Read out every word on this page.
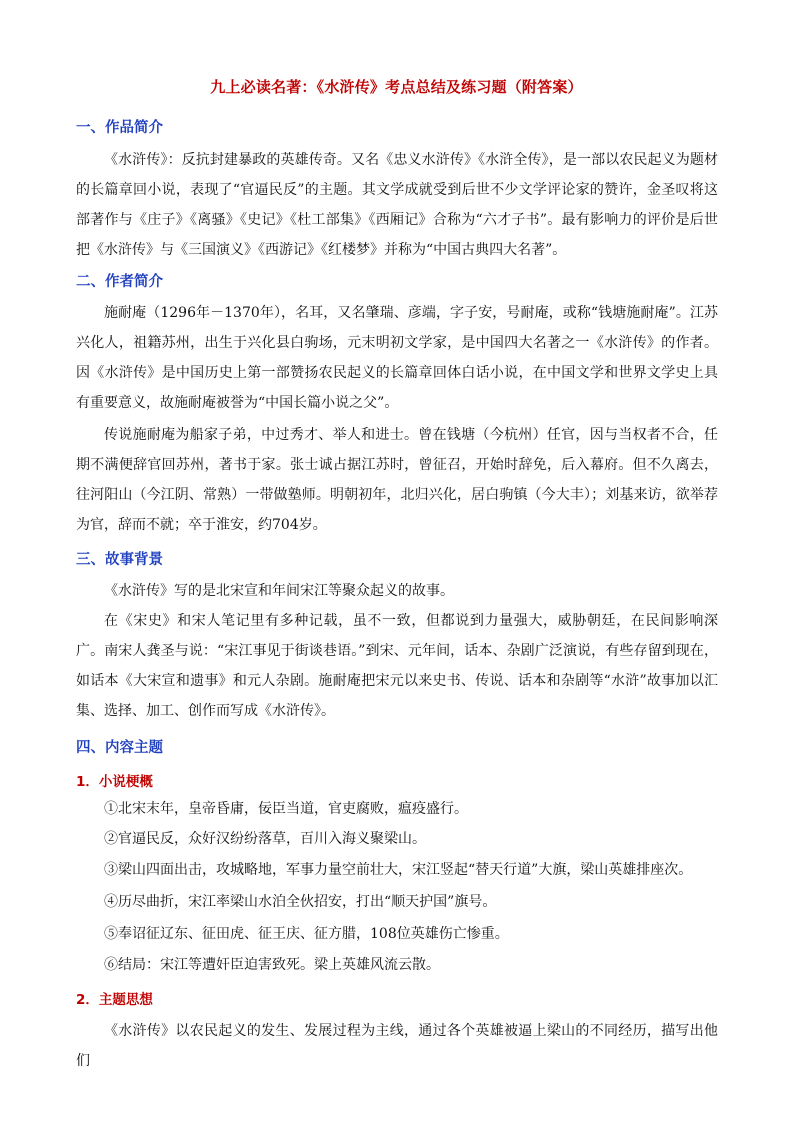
九上必读名著：《水浒传》考点总结及练习题（附答案）
一、作品简介
《水浒传》：反抗封建暴政的英雄传奇。又名《忠义水浒传》《水浒全传》，是一部以农民起义为题材的长篇章回小说，表现了“官逼民反”的主题。其文学成就受到后世不少文学评论家的赞许，金圣叹将这部著作与《庄子》《离骚》《史记》《杜工部集》《西厢记》合称为“六才子书”。最有影响力的评价是后世把《水浒传》与《三国演义》《西游记》《红楼梦》并称为“中国古典四大名著”。
二、作者简介
施耐庵（1296年－1370年），名耳，又名肇瑞、彦端，字子安，号耐庵，或称“钱塘施耐庵”。江苏兴化人，祖籍苏州，出生于兴化县白驹场，元末明初文学家，是中国四大名著之一《水浒传》的作者。因《水浒传》是中国历史上第一部赞扬农民起义的长篇章回体白话小说，在中国文学和世界文学史上具有重要意义，故施耐庵被誉为“中国长篇小说之父”。
传说施耐庵为船家子弟，中过秀才、举人和进士。曾在钱塘（今杭州）任官，因与当权者不合，任期不满便辞官回苏州，著书于家。张士诚占据江苏时，曾征召，开始时辞免，后入幕府。但不久离去，往河阳山（今江阴、常熟）一带做塾师。明朝初年，北归兴化，居白驹镇（今大丰）；刘基来访，欲举荐为官，辞而不就；卒于淮安，约704岁。
三、故事背景
《水浒传》写的是北宋宣和年间宋江等聚众起义的故事。
在《宋史》和宋人笔记里有多种记载，虽不一致，但都说到力量强大，威胁朝廷，在民间影响深广。南宋人龚圣与说：“宋江事见于街谈巷语。”到宋、元年间，话本、杂剧广泛演说，有些存留到现在，如话本《大宋宣和遗事》和元人杂剧。施耐庵把宋元以来史书、传说、话本和杂剧等“水浒”故事加以汇集、选择、加工、创作而写成《水浒传》。
四、内容主题
1．小说梗概
①北宋末年，皇帝昏庸，佞臣当道，官吏腐败，瘟疫盛行。
②官逼民反，众好汉纷纷落草，百川入海义聚梁山。
③梁山四面出击，攻城略地，军事力量空前壮大，宋江竖起“替天行道”大旗，梁山英雄排座次。
④历尽曲折，宋江率梁山水泊全伙招安，打出“顺天护国”旗号。
⑤奉诏征辽东、征田虎、征王庆、征方腊，108位英雄伤亡惨重。
⑥结局：宋江等遭奸臣迫害致死。梁上英雄风流云散。
2．主题思想
《水浒传》以农民起义的发生、发展过程为主线，通过各个英雄被逼上梁山的不同经历，描写出他们
